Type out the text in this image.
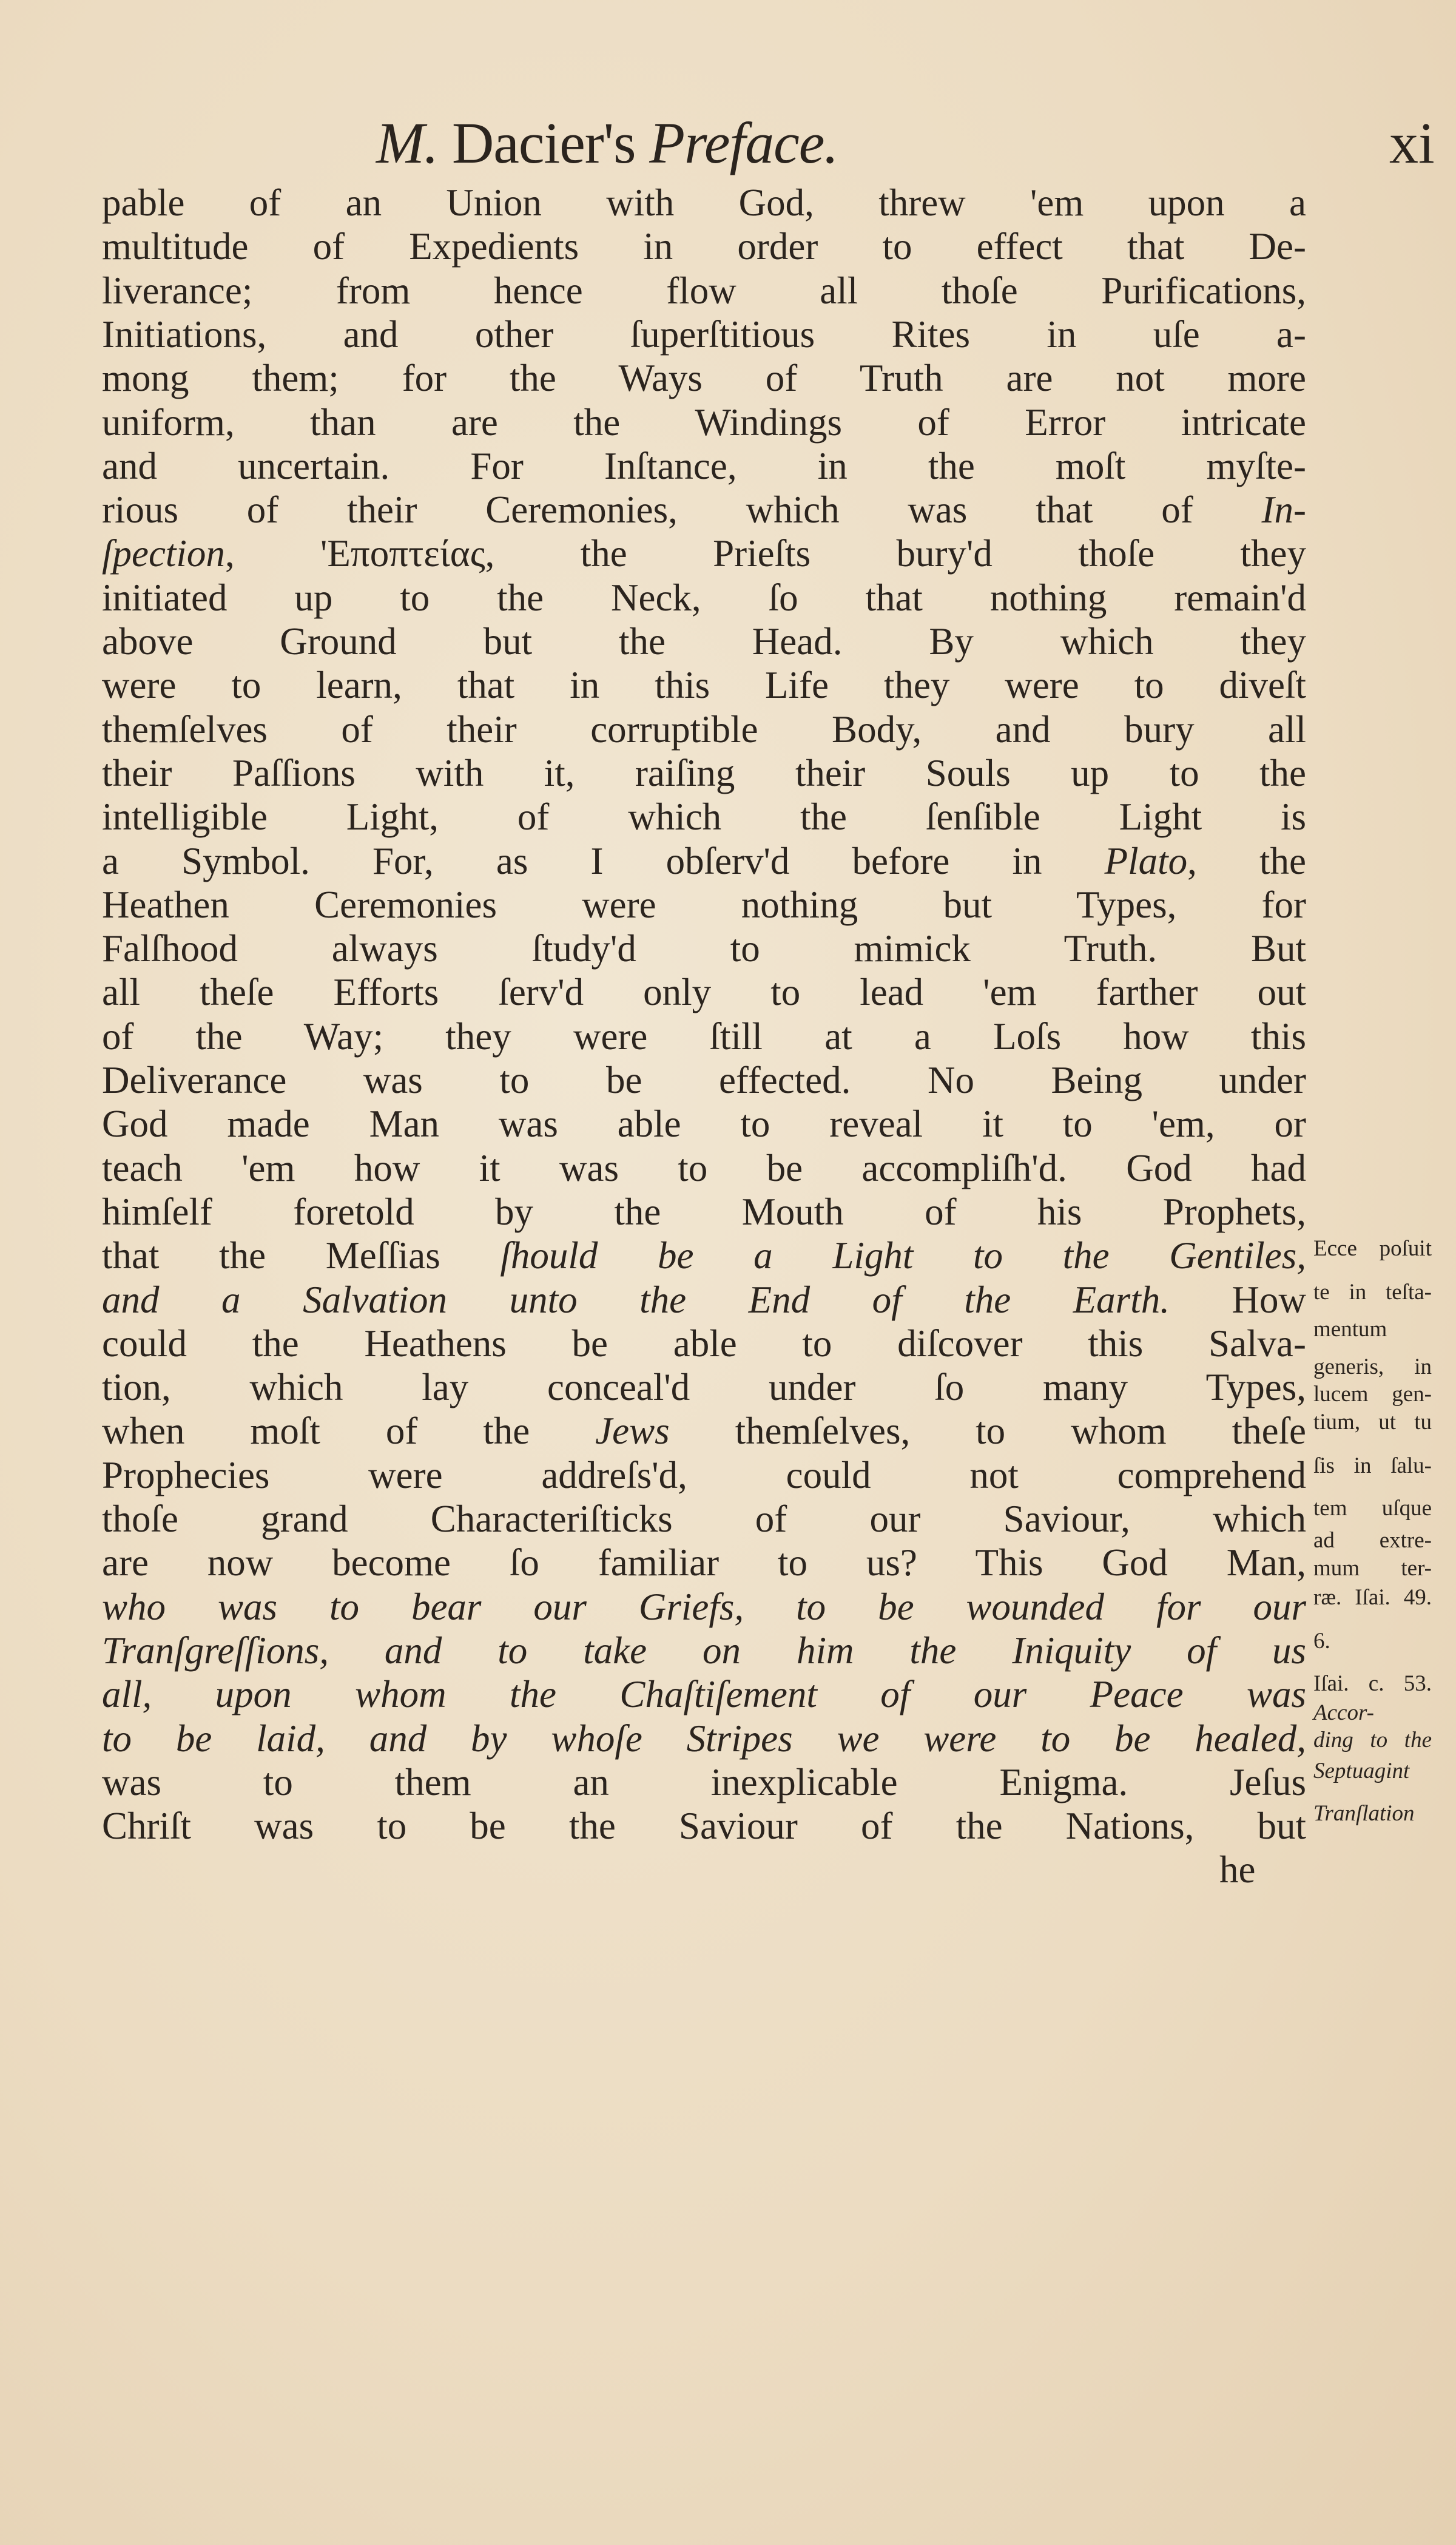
M. Dacier's Preface.	xi
pable of an Union with God, threw 'em upon a
multitude of Expedients in order to effect that De-
liverance; from hence flow all thoſe Purifications,
Initiations, and other ſuperſtitious Rites in uſe a-
mong them; for the Ways of Truth are not more
uniform, than are the Windings of Error intricate
and uncertain. For Inſtance, in the moſt myſte-
rious of their Ceremonies, which was that of In-
ſpection, 'Εποπτείας, the Prieſts bury'd thoſe they
initiated up to the Neck, ſo that nothing remain'd
above Ground but the Head. By which they
were to learn, that in this Life they were to diveſt
themſelves of their corruptible Body, and bury all
their Paſſions with it, raiſing their Souls up to the
intelligible Light, of which the ſenſible Light is
a Symbol. For, as I obſerv'd before in Plato, the
Heathen Ceremonies were nothing but Types, for
Falſhood always ſtudy'd to mimick Truth. But
all theſe Efforts ſerv'd only to lead 'em farther out
of the Way; they were ſtill at a Loſs how this
Deliverance was to be effected. No Being under
God made Man was able to reveal it to 'em, or
teach 'em how it was to be accompliſh'd. God had
himſelf foretold by the Mouth of his Prophets,
that the Meſſias ſhould be a Light to the Gentiles,
and a Salvation unto the End of the Earth. How
could the Heathens be able to diſcover this Salva-
tion, which lay conceal'd under ſo many Types,
when moſt of the Jews themſelves, to whom theſe
Prophecies were addreſs'd, could not comprehend
thoſe grand Characteriſticks of our Saviour, which
are now become ſo familiar to us? This God Man,
who was to bear our Griefs, to be wounded for our
Tranſgreſſions, and to take on him the Iniquity of us
all, upon whom the Chaſtiſement of our Peace was
to be laid, and by whoſe Stripes we were to be healed,
was to them an inexplicable Enigma. Jeſus
Chriſt was to be the Saviour of the Nations, but
he
Ecce poſuit
te in teſta-
mentum
generis, in
lucem gen-
tium, ut tu
ſis in ſalu-
tem uſque
ad extre-
mum ter-
ræ. Iſai. 49.
6.
Iſai. c. 53.
Accor-
ding to the
Septuagint
Tranſlation
